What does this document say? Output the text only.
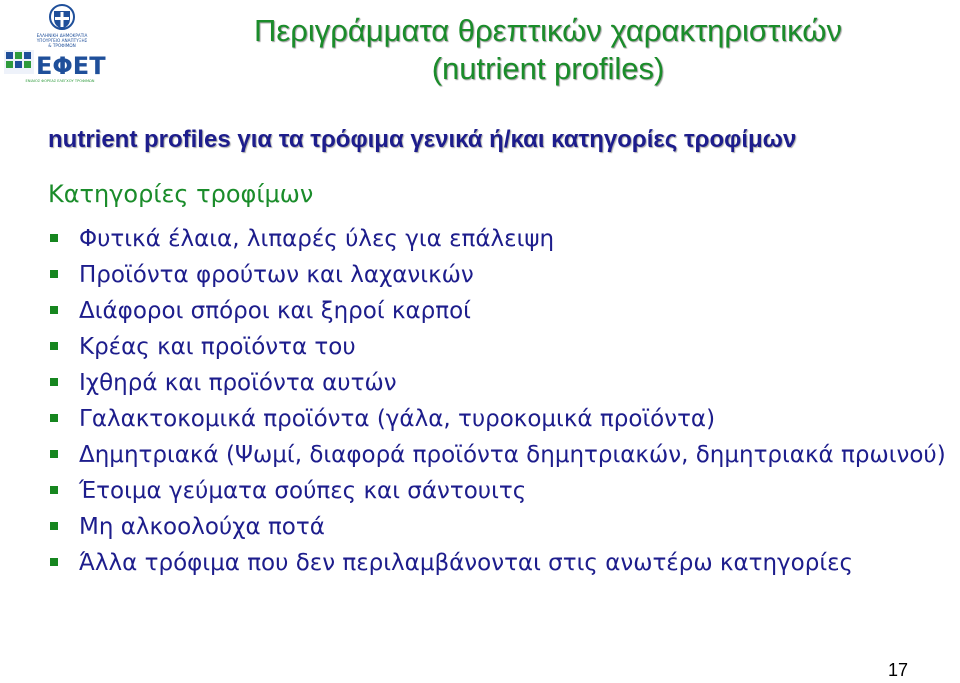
ΕΛΛΗΝΙΚΗ ΔΗΜΟΚΡΑΤΙΑ
ΥΠΟΥΡΓΕΙΟ ΑΝΑΠΤΥΞΗΣ
& ΤΡΟΦΙΜΩΝ
ΕΦΕΤ
ΕΝΙΑΙΟΣ ΦΟΡΕΑΣ ΕΛΕΓΧΟΥ ΤΡΟΦΙΜΩΝ
Περιγράμματα θρεπτικών χαρακτηριστικών
(nutrient profiles)
nutrient profiles για τα τρόφιμα γενικά ή/και κατηγορίες τροφίμων
Κατηγορίες τροφίμων
Φυτικά έλαια, λιπαρές ύλες για επάλειψη
Προϊόντα φρούτων και λαχανικών
Διάφοροι σπόροι και ξηροί καρποί
Κρέας και προϊόντα του
Ιχθηρά και προϊόντα αυτών
Γαλακτοκομικά προϊόντα (γάλα, τυροκομικά προϊόντα)
Δημητριακά (Ψωμί, διαφορά προϊόντα δημητριακών, δημητριακά πρωινού)
Έτοιμα γεύματα σούπες και σάντουιτς
Μη αλκοολούχα ποτά
Άλλα τρόφιμα που δεν περιλαμβάνονται στις ανωτέρω κατηγορίες
17
